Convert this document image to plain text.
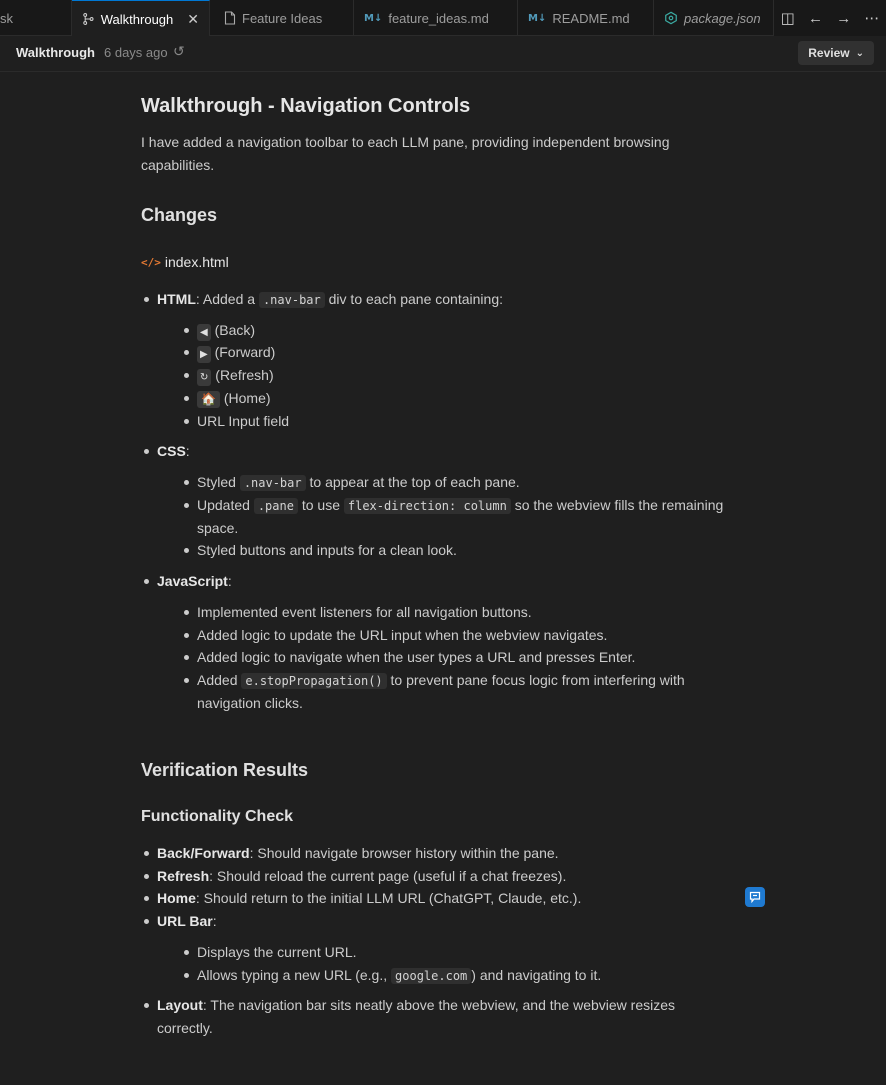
sk	Walkthrough ✕	Feature Ideas	M↓ feature_ideas.md	M↓ README.md	package.json ◫ ← → ⋯
Walkthrough 6 days ago ↺	Review ⌄
Walkthrough - Navigation Controls

I have added a navigation toolbar to each LLM pane, providing independent browsing capabilities.

Changes
</> index.html
HTML: Added a .nav-bar div to each pane containing:
◀ (Back)
▶ (Forward)
↻ (Refresh)
🏠 (Home)
URL Input field
CSS:
Styled .nav-bar to appear at the top of each pane.
Updated .pane to use flex-direction: column so the webview fills the remaining
space.
Styled buttons and inputs for a clean look.
JavaScript:
Implemented event listeners for all navigation buttons.
Added logic to update the URL input when the webview navigates.
Added logic to navigate when the user types a URL and presses Enter.
Added e.stopPropagation() to prevent pane focus logic from interfering with
navigation clicks.
Verification Results
Functionality Check
Back/Forward: Should navigate browser history within the pane.
Refresh: Should reload the current page (useful if a chat freezes).
Home: Should return to the initial LLM URL (ChatGPT, Claude, etc.).
URL Bar:
Displays the current URL.
Allows typing a new URL (e.g., google.com ) and navigating to it.
Layout: The navigation bar sits neatly above the webview, and the webview resizes
correctly.
